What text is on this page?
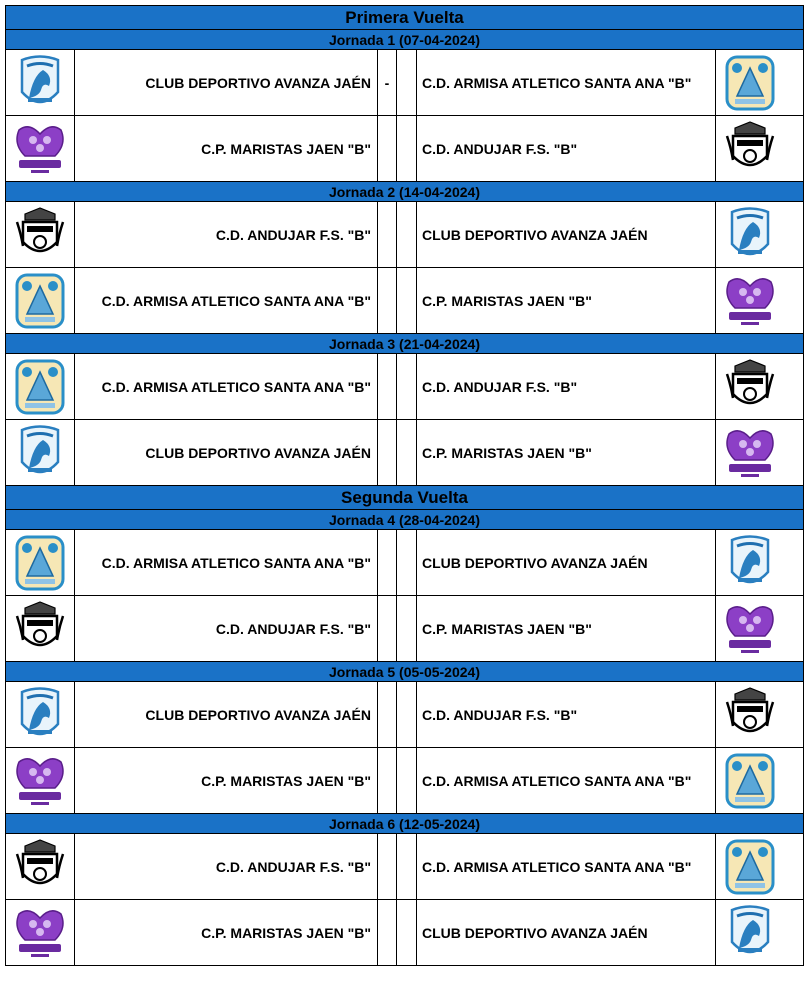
Primera Vuelta
Jornada 1 (07-04-2024)
CLUB DEPORTIVO AVANZA JAÉN -	C.D. ARMISA ATLETICO SANTA ANA "B"
C.P. MARISTAS JAEN "B"	C.D. ANDUJAR F.S. "B"
Jornada 2 (14-04-2024)
C.D. ANDUJAR F.S. "B"	CLUB DEPORTIVO AVANZA JAÉN
C.D. ARMISA ATLETICO SANTA ANA "B"	C.P. MARISTAS JAEN "B"
Jornada 3 (21-04-2024)
C.D. ARMISA ATLETICO SANTA ANA "B"	C.D. ANDUJAR F.S. "B"
CLUB DEPORTIVO AVANZA JAÉN	C.P. MARISTAS JAEN "B"
Segunda Vuelta
Jornada 4 (28-04-2024)
C.D. ARMISA ATLETICO SANTA ANA "B"	CLUB DEPORTIVO AVANZA JAÉN
C.D. ANDUJAR F.S. "B"	C.P. MARISTAS JAEN "B"
Jornada 5 (05-05-2024)
CLUB DEPORTIVO AVANZA JAÉN	C.D. ANDUJAR F.S. "B"
C.P. MARISTAS JAEN "B"	C.D. ARMISA ATLETICO SANTA ANA "B"
Jornada 6 (12-05-2024)
C.D. ANDUJAR F.S. "B"	C.D. ARMISA ATLETICO SANTA ANA "B"
C.P. MARISTAS JAEN "B"	CLUB DEPORTIVO AVANZA JAÉN
